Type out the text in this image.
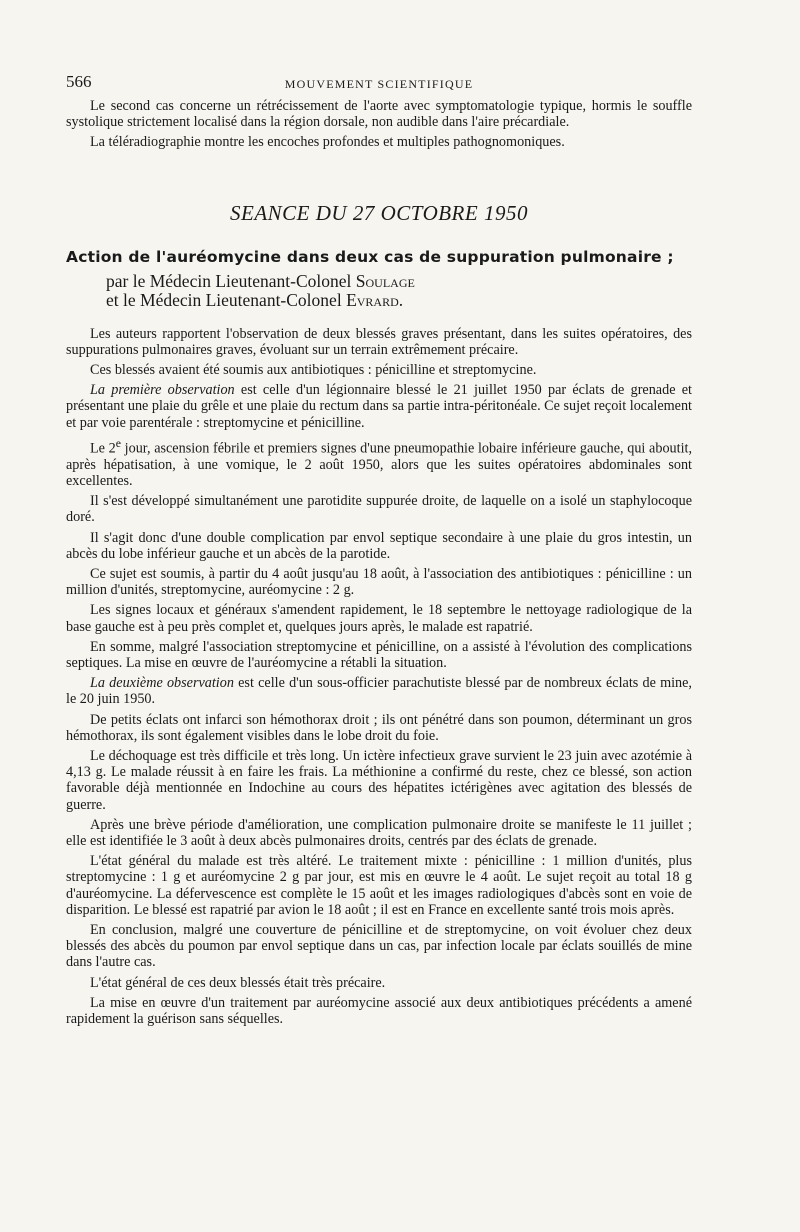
566	MOUVEMENT SCIENTIFIQUE

Le second cas concerne un rétrécissement de l'aorte avec symptomatologie typique, hormis le souffle systolique strictement localisé dans la région dorsale, non audible dans l'aire précardiale.

La téléradiographie montre les encoches profondes et multiples pathognomoniques.

SEANCE DU 27 OCTOBRE 1950
Action de l'auréomycine dans deux cas de suppuration pulmonaire ;
par le Médecin Lieutenant-Colonel Soulage
et le Médecin Lieutenant-Colonel Evrard.

Les auteurs rapportent l'observation de deux blessés graves présentant, dans les suites opératoires, des suppurations pulmonaires graves, évoluant sur un terrain extrêmement précaire.

Ces blessés avaient été soumis aux antibiotiques : pénicilline et streptomycine.

La première observation est celle d'un légionnaire blessé le 21 juillet 1950 par éclats de grenade et présentant une plaie du grêle et une plaie du rectum dans sa partie intra-péritonéale. Ce sujet reçoit localement et par voie parentérale : streptomycine et pénicilline.

Le 2e jour, ascension fébrile et premiers signes d'une pneumopathie lobaire inférieure gauche, qui aboutit, après hépatisation, à une vomique, le 2 août 1950, alors que les suites opératoires abdominales sont excellentes.

Il s'est développé simultanément une parotidite suppurée droite, de laquelle on a isolé un staphylocoque doré.

Il s'agit donc d'une double complication par envol septique secondaire à une plaie du gros intestin, un abcès du lobe inférieur gauche et un abcès de la parotide.

Ce sujet est soumis, à partir du 4 août jusqu'au 18 août, à l'association des antibiotiques : pénicilline : un million d'unités, streptomycine, auréomycine : 2 g.

Les signes locaux et généraux s'amendent rapidement, le 18 septembre le nettoyage radiologique de la base gauche est à peu près complet et, quelques jours après, le malade est rapatrié.

En somme, malgré l'association streptomycine et pénicilline, on a assisté à l'évolution des complications septiques. La mise en œuvre de l'auréomycine a rétabli la situation.

La deuxième observation est celle d'un sous-officier parachutiste blessé par de nombreux éclats de mine, le 20 juin 1950.

De petits éclats ont infarci son hémothorax droit ; ils ont pénétré dans son poumon, déterminant un gros hémothorax, ils sont également visibles dans le lobe droit du foie.

Le déchoquage est très difficile et très long. Un ictère infectieux grave survient le 23 juin avec azotémie à 4,13 g. Le malade réussit à en faire les frais. La méthionine a confirmé du reste, chez ce blessé, son action favorable déjà mentionnée en Indochine au cours des hépatites ictérigènes avec agitation des blessés de guerre.

Après une brève période d'amélioration, une complication pulmonaire droite se manifeste le 11 juillet ; elle est identifiée le 3 août à deux abcès pulmonaires droits, centrés par des éclats de grenade.

L'état général du malade est très altéré. Le traitement mixte : pénicilline : 1 million d'unités, plus streptomycine : 1 g et auréomycine 2 g par jour, est mis en œuvre le 4 août. Le sujet reçoit au total 18 g d'auréomycine. La défervescence est complète le 15 août et les images radiologiques d'abcès sont en voie de disparition. Le blessé est rapatrié par avion le 18 août ; il est en France en excellente santé trois mois après.

En conclusion, malgré une couverture de pénicilline et de streptomycine, on voit évoluer chez deux blessés des abcès du poumon par envol septique dans un cas, par infection locale par éclats souillés de mine dans l'autre cas.

L'état général de ces deux blessés était très précaire.

La mise en œuvre d'un traitement par auréomycine associé aux deux antibiotiques précédents a amené rapidement la guérison sans séquelles.
